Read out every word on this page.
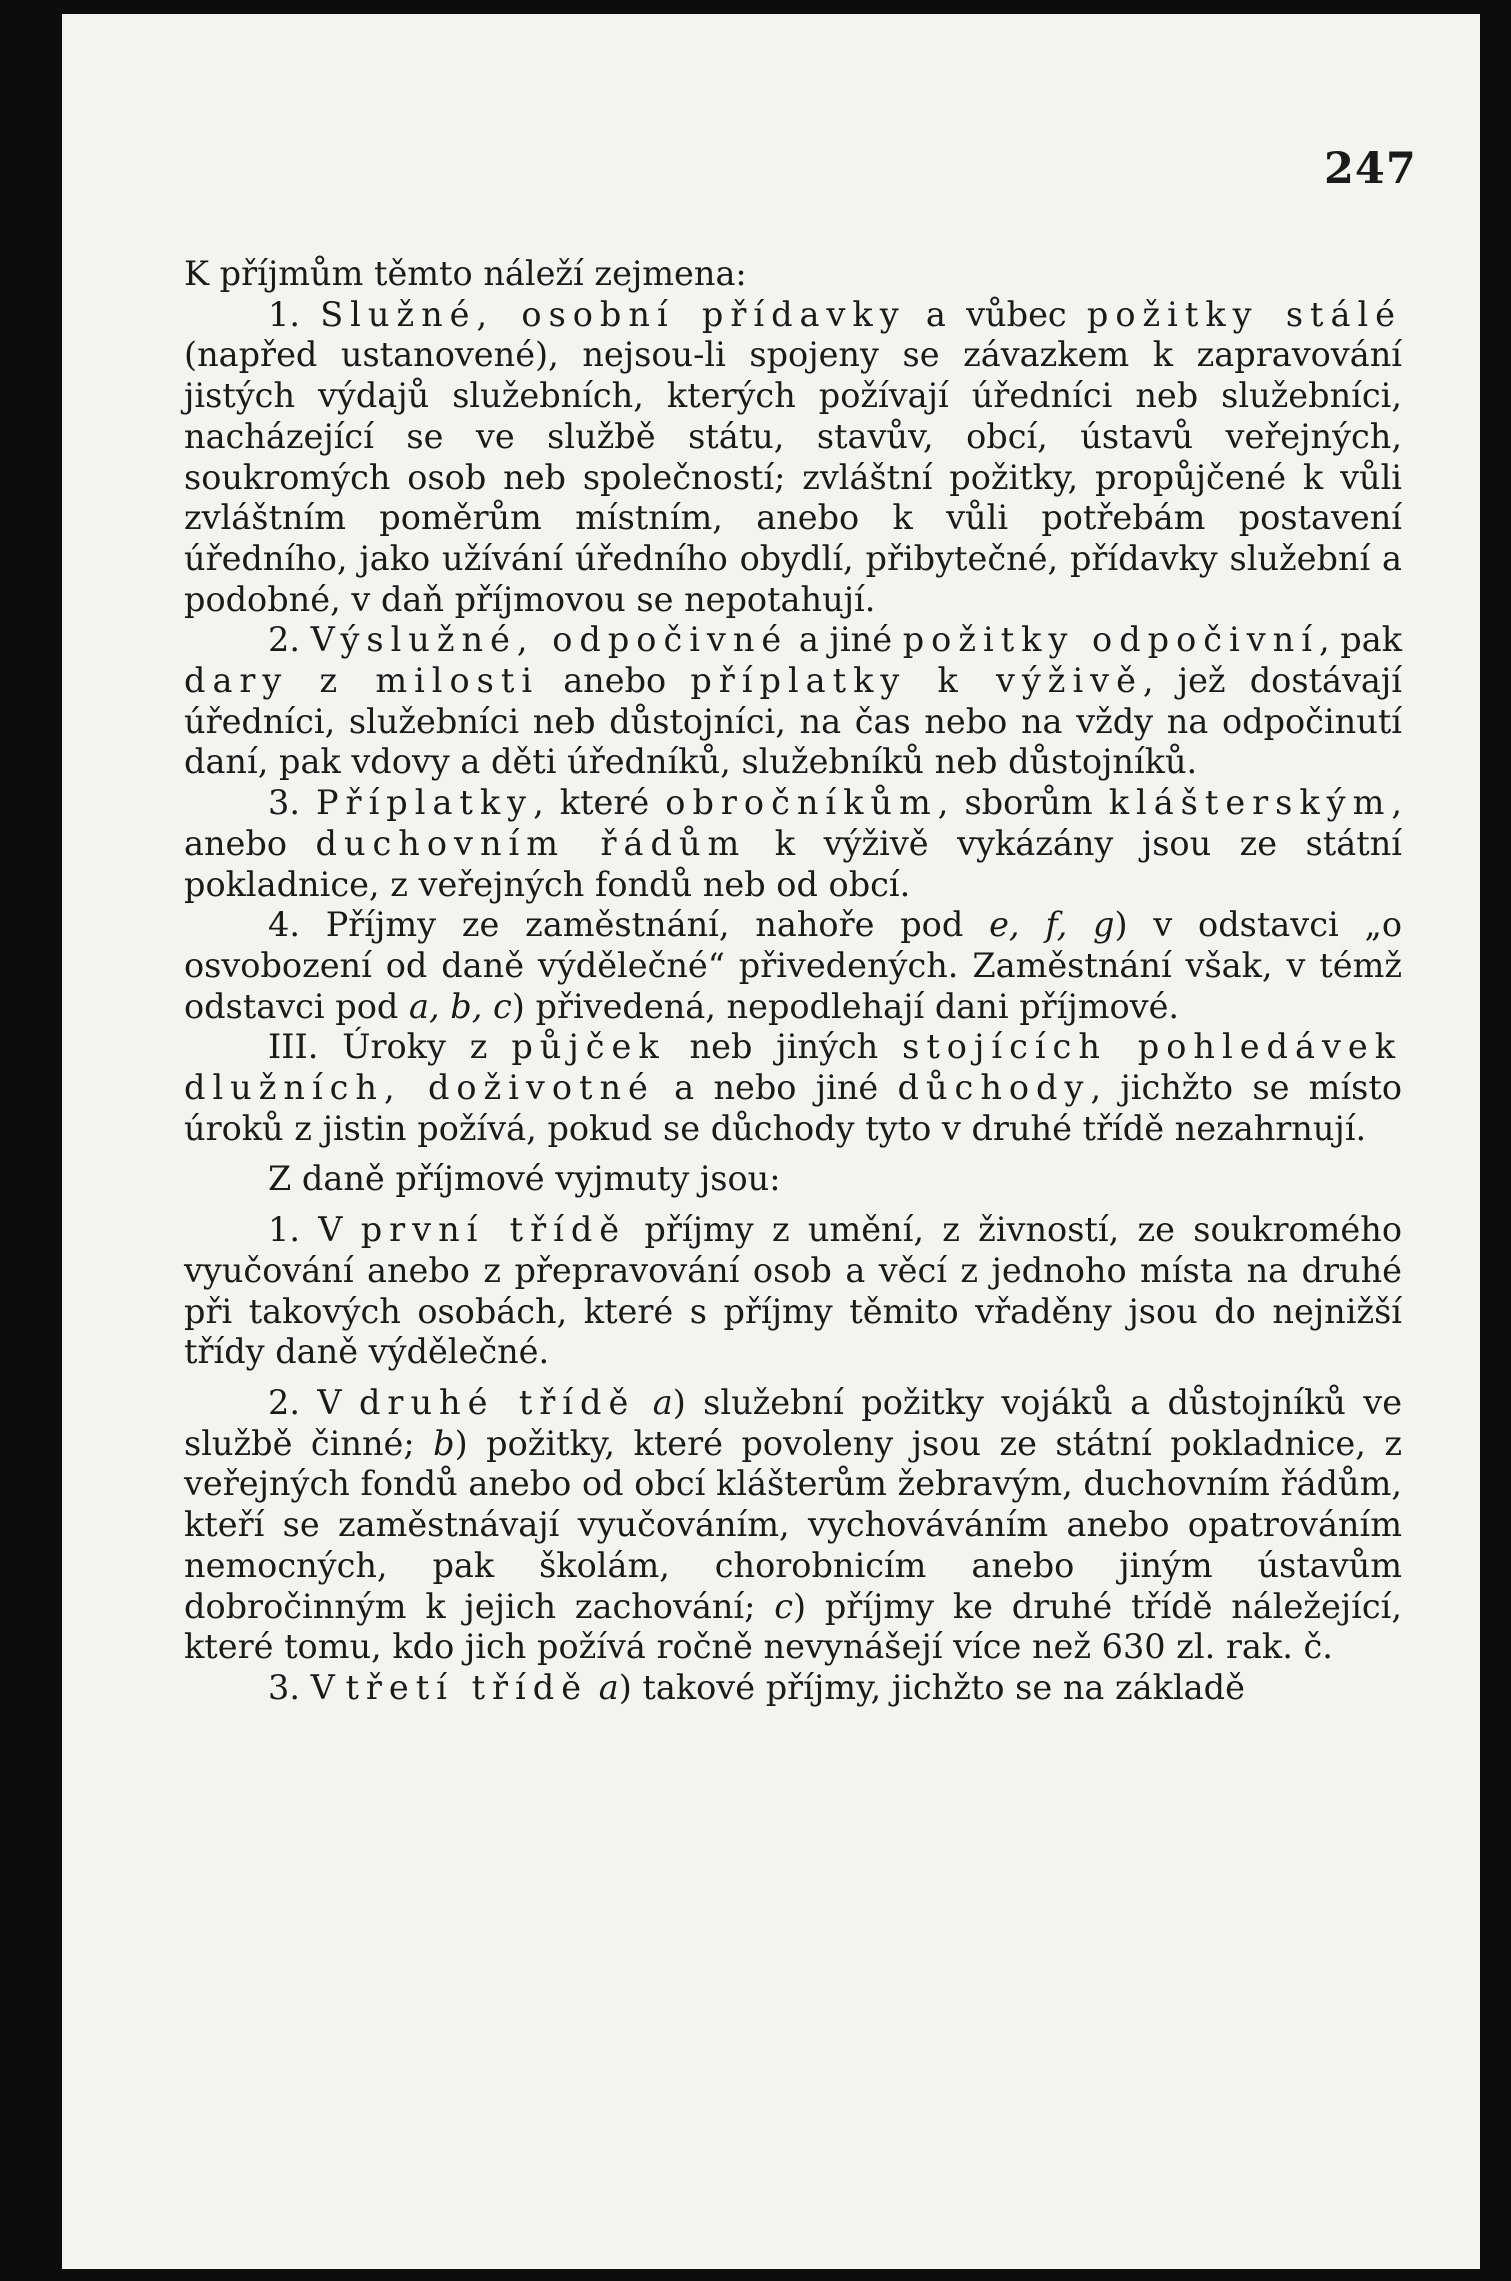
247

K příjmům těmto náleží zejmena:

1. Služné, osobní přídavky a vůbec požitky stálé (napřed ustanovené), nejsou-li spojeny se závazkem k zapravování jistých výdajů služebních, kterých požívají úředníci neb služebníci, nacházející se ve službě státu, stavův, obcí, ústavů veřejných, soukromých osob neb společností; zvláštní požitky, propůjčené k vůli zvláštním poměrům místním, anebo k vůli potřebám postavení úředního, jako užívání úředního obydlí, přibytečné, přídavky služební a podobné, v daň příjmovou se nepotahují.

2. Výslužné, odpočivné a jiné požitky odpočivní, pak dary z milosti anebo příplatky k výživě, jež dostávají úředníci, služebníci neb důstojníci, na čas nebo na vždy na odpočinutí daní, pak vdovy a děti úředníků, služebníků neb důstojníků.

3. Příplatky, které obročníkům, sborům klášterským, anebo duchovním řádům k výživě vykázány jsou ze státní pokladnice, z veřejných fondů neb od obcí.

4. Příjmy ze zaměstnání, nahoře pod e, f, g) v odstavci „o osvobození od daně výdělečné“ přivedených. Zaměstnání však, v témž odstavci pod a, b, c) přivedená, nepodlehají dani příjmové.

III. Úroky z půjček neb jiných stojících pohledávek dlužních, doživotné a nebo jiné důchody, jichžto se místo úroků z jistin požívá, pokud se důchody tyto v druhé třídě nezahrnují.

Z daně příjmové vyjmuty jsou:

1. V první třídě příjmy z umění, z živností, ze soukromého vyučování anebo z přepravování osob a věcí z jednoho místa na druhé při takových osobách, které s příjmy těmito vřaděny jsou do nejnižší třídy daně výdělečné.

2. V druhé třídě a) služební požitky vojáků a důstojníků ve službě činné; b) požitky, které povoleny jsou ze státní pokladnice, z veřejných fondů anebo od obcí klášterům žebravým, duchovním řádům, kteří se zaměstnávají vyučováním, vychováváním anebo opatrováním nemocných, pak školám, chorobnicím anebo jiným ústavům dobročinným k jejich zachování; c) příjmy ke druhé třídě náležející, které tomu, kdo jich požívá ročně nevynášejí více než 630 zl. rak. č.

3. V třetí třídě a) takové příjmy, jichžto se na základě
